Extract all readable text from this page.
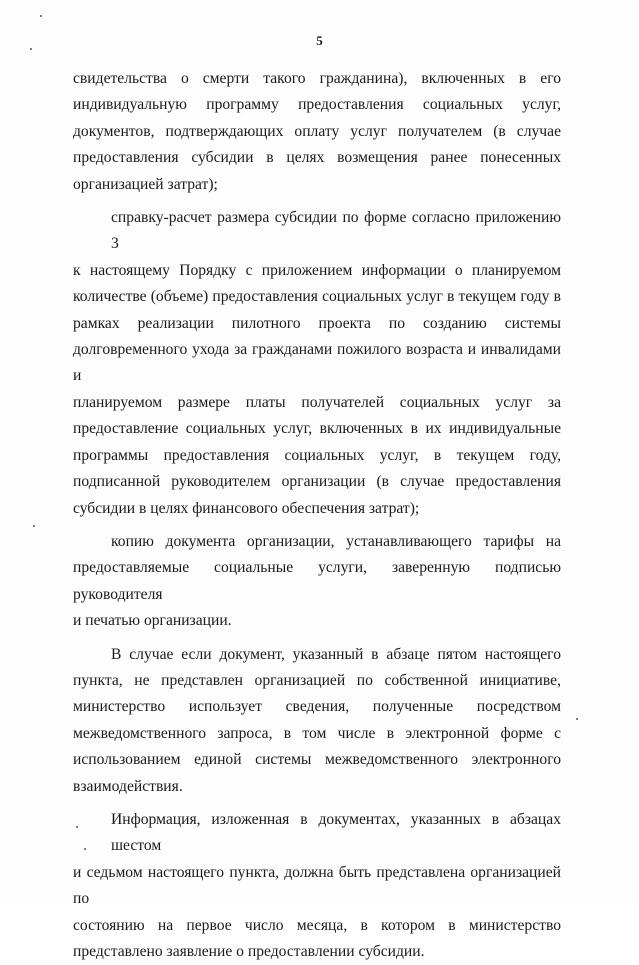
5

свидетельства о смерти такого гражданина), включенных в его
индивидуальную программу предоставления социальных услуг,
документов, подтверждающих оплату услуг получателем (в случае
предоставления субсидии в целях возмещения ранее понесенных
организацией затрат);

справку-расчет размера субсидии по форме согласно приложению 3
к настоящему Порядку с приложением информации о планируемом
количестве (объеме) предоставления социальных услуг в текущем году в
рамках реализации пилотного проекта по созданию системы
долговременного ухода за гражданами пожилого возраста и инвалидами и
планируемом размере платы получателей социальных услуг за
предоставление социальных услуг, включенных в их индивидуальные
программы предоставления социальных услуг, в текущем году,
подписанной руководителем организации (в случае предоставления
субсидии в целях финансового обеспечения затрат);

копию документа организации, устанавливающего тарифы на
предоставляемые социальные услуги, заверенную подписью руководителя
и печатью организации.

В случае если документ, указанный в абзаце пятом настоящего
пункта, не представлен организацией по собственной инициативе,
министерство использует сведения, полученные посредством
межведомственного запроса, в том числе в электронной форме с
использованием единой системы межведомственного электронного
взаимодействия.

Информация, изложенная в документах, указанных в абзацах шестом
и седьмом настоящего пункта, должна быть представлена организацией по
состоянию на первое число месяца, в котором в министерство
представлено заявление о предоставлении субсидии.
